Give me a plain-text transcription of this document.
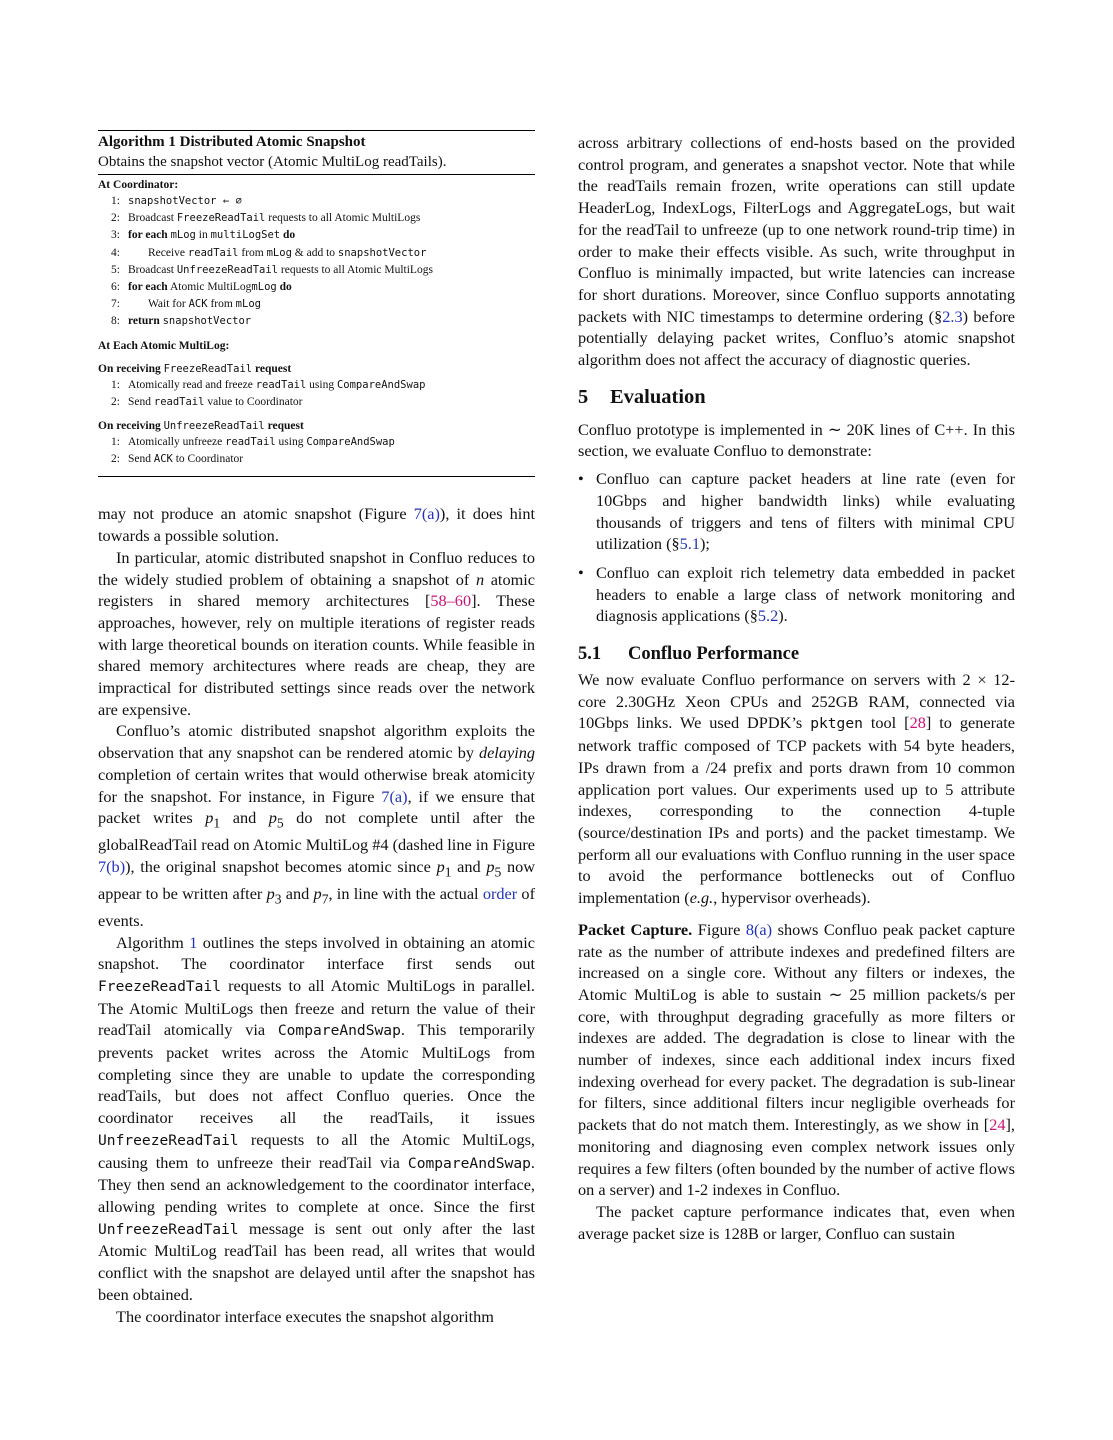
Algorithm 1 Distributed Atomic Snapshot
Obtains the snapshot vector (Atomic MultiLog readTails).
At Coordinator:
1: snapshotVector ← ∅
2: Broadcast FreezeReadTail requests to all Atomic MultiLogs
3: for each mLog in multiLogSet do
4: Receive readTail from mLog & add to snapshotVector
5: Broadcast UnfreezeReadTail requests to all Atomic MultiLogs
6: for each Atomic MultiLogmLog do
7: Wait for ACK from mLog
8: return snapshotVector
At Each Atomic MultiLog:
On receiving FreezeReadTail request
1: Atomically read and freeze readTail using CompareAndSwap
2: Send readTail value to Coordinator
On receiving UnfreezeReadTail request
1: Atomically unfreeze readTail using CompareAndSwap
2: Send ACK to Coordinator

may not produce an atomic snapshot (Figure 7(a)), it does hint towards a possible solution.

In particular, atomic distributed snapshot in Confluo reduces to the widely studied problem of obtaining a snapshot of n atomic registers in shared memory architectures [58–60]. These approaches, however, rely on multiple iterations of register reads with large theoretical bounds on iteration counts. While feasible in shared memory architectures where reads are cheap, they are impractical for distributed settings since reads over the network are expensive.

Confluo’s atomic distributed snapshot algorithm exploits the observation that any snapshot can be rendered atomic by delaying completion of certain writes that would otherwise break atomicity for the snapshot. For instance, in Figure 7(a), if we ensure that packet writes $p_1$ and $p_5$ do not complete until after the globalReadTail read on Atomic MultiLog #4 (dashed line in Figure 7(b)), the original snapshot becomes atomic since $p_1$ and $p_5$ now appear to be written after $p_3$ and $p_7$, in line with the actual order of events.

Algorithm 1 outlines the steps involved in obtaining an atomic snapshot. The coordinator interface first sends out FreezeReadTail requests to all Atomic MultiLogs in parallel. The Atomic MultiLogs then freeze and return the value of their readTail atomically via CompareAndSwap. This temporarily prevents packet writes across the Atomic MultiLogs from completing since they are unable to update the corresponding readTails, but does not affect Confluo queries. Once the coordinator receives all the readTails, it issues UnfreezeReadTail requests to all the Atomic MultiLogs, causing them to unfreeze their readTail via CompareAndSwap. They then send an acknowledgement to the coordinator interface, allowing pending writes to complete at once. Since the first UnfreezeReadTail message is sent out only after the last Atomic MultiLog readTail has been read, all writes that would conflict with the snapshot are delayed until after the snapshot has been obtained.

The coordinator interface executes the snapshot algorithm

across arbitrary collections of end-hosts based on the provided control program, and generates a snapshot vector. Note that while the readTails remain frozen, write operations can still update HeaderLog, IndexLogs, FilterLogs and AggregateLogs, but wait for the readTail to unfreeze (up to one network round-trip time) in order to make their effects visible. As such, write throughput in Confluo is minimally impacted, but write latencies can increase for short durations. Moreover, since Confluo supports annotating packets with NIC timestamps to determine ordering (§2.3) before potentially delaying packet writes, Confluo’s atomic snapshot algorithm does not affect the accuracy of diagnostic queries.

5 Evaluation

Confluo prototype is implemented in ∼ 20K lines of C++. In this section, we evaluate Confluo to demonstrate:

• Confluo can capture packet headers at line rate (even for 10Gbps and higher bandwidth links) while evaluating thousands of triggers and tens of filters with minimal CPU utilization (§5.1);
• Confluo can exploit rich telemetry data embedded in packet headers to enable a large class of network monitoring and diagnosis applications (§5.2).
5.1 Confluo Performance

We now evaluate Confluo performance on servers with 2 × 12-core 2.30GHz Xeon CPUs and 252GB RAM, connected via 10Gbps links. We used DPDK’s pktgen tool [28] to generate network traffic composed of TCP packets with 54 byte headers, IPs drawn from a /24 prefix and ports drawn from 10 common application port values. Our experiments used up to 5 attribute indexes, corresponding to the connection 4-tuple (source/destination IPs and ports) and the packet timestamp. We perform all our evaluations with Confluo running in the user space to avoid the performance bottlenecks out of Confluo implementation (e.g., hypervisor overheads).

Packet Capture. Figure 8(a) shows Confluo peak packet capture rate as the number of attribute indexes and predefined filters are increased on a single core. Without any filters or indexes, the Atomic MultiLog is able to sustain ∼ 25 million packets/s per core, with throughput degrading gracefully as more filters or indexes are added. The degradation is close to linear with the number of indexes, since each additional index incurs fixed indexing overhead for every packet. The degradation is sub-linear for filters, since additional filters incur negligible overheads for packets that do not match them. Interestingly, as we show in [24], monitoring and diagnosing even complex network issues only requires a few filters (often bounded by the number of active flows on a server) and 1-2 indexes in Confluo.

The packet capture performance indicates that, even when average packet size is 128B or larger, Confluo can sustain
